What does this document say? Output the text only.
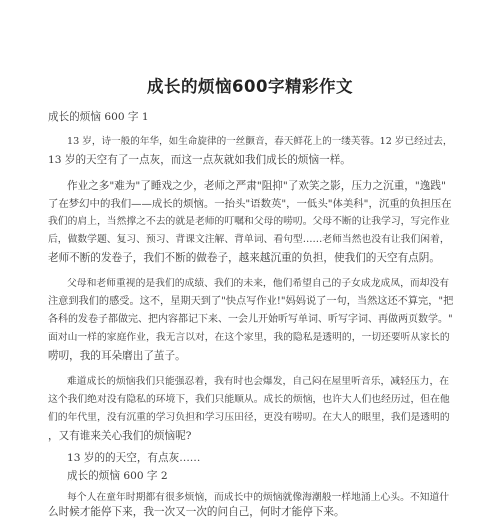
成长的烦恼600字精彩作文

成长的烦恼 600 字 1

13 岁，诗一般的年华，如生命旋律的一丝颤音，春天鲜花上的一缕芙蓉。12 岁已经过去，

13 岁的天空有了一点灰，而这一点灰就如我们成长的烦恼一样。

作业之多"难为"了睡戏之少，老师之严肃"阻抑"了欢笑之影，压力之沉重，"逸践"

了在梦幻中的我们——成长的烦恼。一抬头"语数英"，一低头"体美科"，沉重的负担压在

我们的肩上，当然撑之不去的就是老师的叮嘱和父母的唠叨。父母不断的让我学习，写完作业

后，做数学题、复习、预习、背课文注解、背单词、看句型……老师当然也没有让我们闲着，

老师不断的发卷子，我们不断的做卷子，越来越沉重的负担，使我们的天空有点阴。

父母和老师重视的是我们的成绩、我们的未来，他们希望自己的子女成龙成凤，而却没有

注意到我们的感受。这不，星期天到了"快点写作业!"妈妈说了一句，当然这还不算完，"把

各科的发卷子都做完、把内容都记下来、一会儿开始听写单词、听写字词、再做两页数学。"

面对山一样的家庭作业，我无言以对，在这个家里，我的隐私是透明的，一切还要听从家长的

唠叨，我的耳朵磨出了茧子。

难道成长的烦恼我们只能强忍着，我有时也会爆发，自己闷在屋里听音乐，减轻压力，在

这个我们绝对没有隐私的环境下，我们只能顺从。成长的烦恼，也许大人们也经历过，但在他

们的年代里，没有沉重的学习负担和学习压田径，更没有唠叨。在大人的眼里，我们是透明的

，又有谁来关心我们的烦恼呢?

13 岁的的天空，有点灰……

成长的烦恼 600 字 2

每个人在童年时期都有很多烦恼，而成长中的烦恼就像海潮般一样地涌上心头。不知道什

么时候才能停下来，我一次又一次的问自己，何时才能停下来。
